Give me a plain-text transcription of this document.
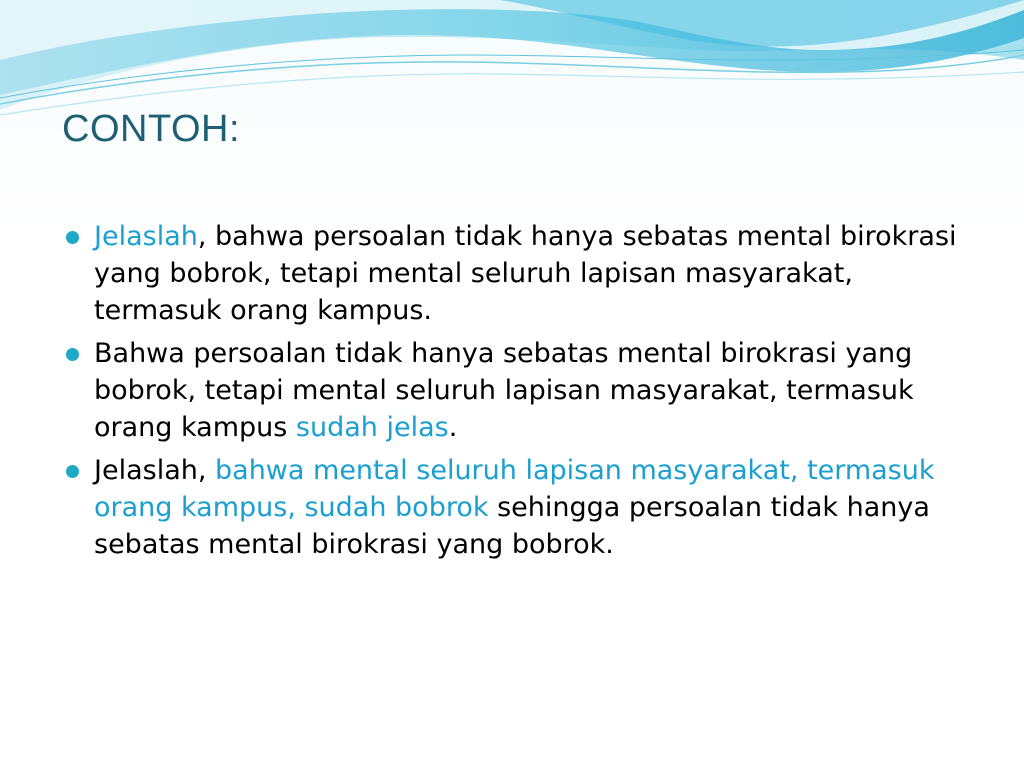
CONTOH:
Jelaslah, bahwa persoalan tidak hanya sebatas mental birokrasi yang bobrok, tetapi mental seluruh lapisan masyarakat, termasuk orang kampus.
Bahwa persoalan tidak hanya sebatas mental birokrasi yang bobrok, tetapi mental seluruh lapisan masyarakat, termasuk orang kampus sudah jelas.
Jelaslah, bahwa mental seluruh lapisan masyarakat, termasuk orang kampus, sudah bobrok sehingga persoalan tidak hanya sebatas mental birokrasi yang bobrok.
